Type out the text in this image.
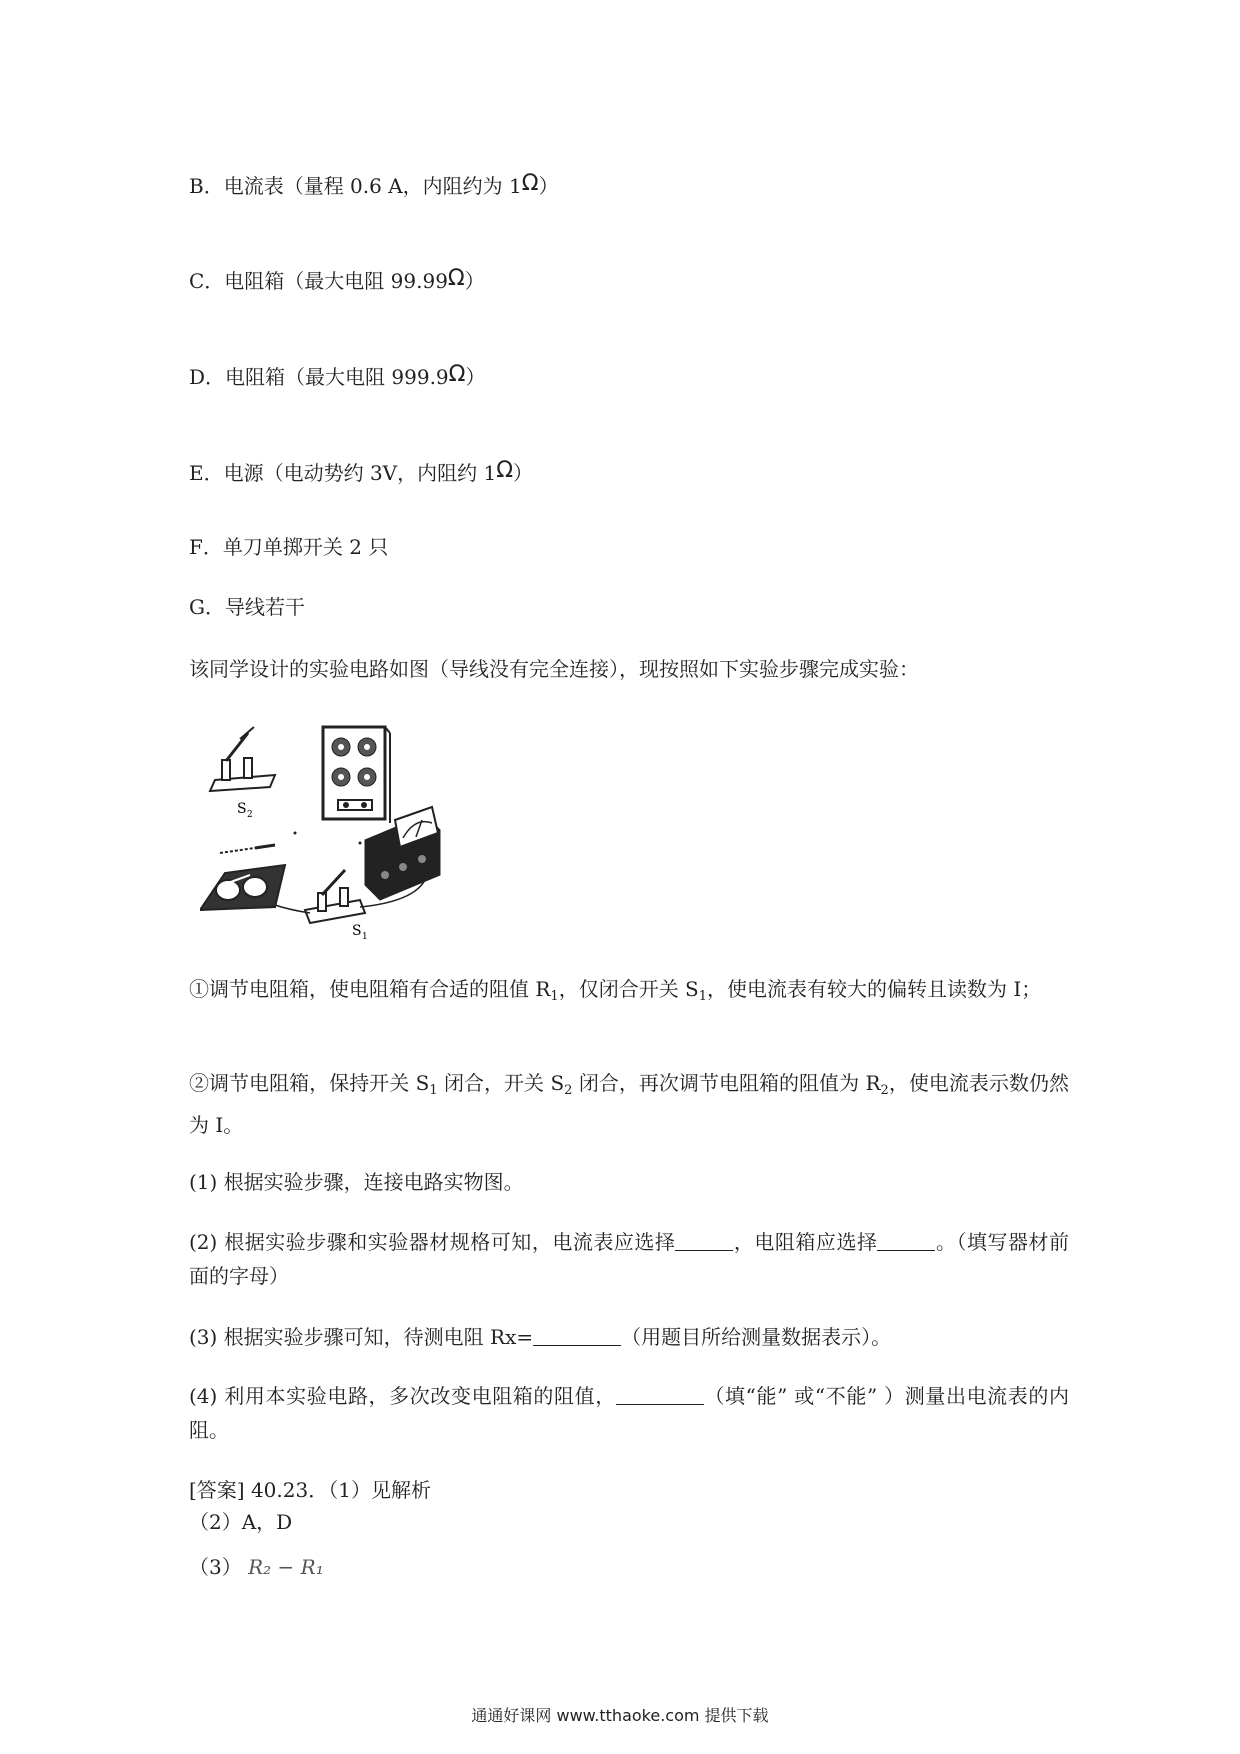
B．电流表（量程 0.6 A，内阻约为 1Ω）
C．电阻箱（最大电阻 99.99Ω）
D．电阻箱（最大电阻 999.9Ω）
E．电源（电动势约 3V，内阻约 1Ω）
F．单刀单掷开关 2 只
G．导线若干
该同学设计的实验电路如图（导线没有完全连接），现按照如下实验步骤完成实验：
S 2
S 1
①调节电阻箱，使电阻箱有合适的阻值 $R_1$，仅闭合开关 $S_1$，使电流表有较大的偏转且读数为 I；
②调节电阻箱，保持开关 $S_1$ 闭合，开关 $S_2$ 闭合，再次调节电阻箱的阻值为 $R_2$，使电流表示数仍然为 I。
(1) 根据实验步骤，连接电路实物图。
(2) 根据实验步骤和实验器材规格可知，电流表应选择	，电阻箱应选择	。（填写器材前面的字母）
(3) 根据实验步骤可知，待测电阻 Rx=	（用题目所给测量数据表示）。
(4) 利用本实验电路，多次改变电阻箱的阻值，	（填“能” 或“不能” ）测量出电流表的内阻。
[答案] 40.23．（1）见解析
（2）A，D
（3） R₂ − R₁
通通好课网 www.tthaoke.com 提供下载
